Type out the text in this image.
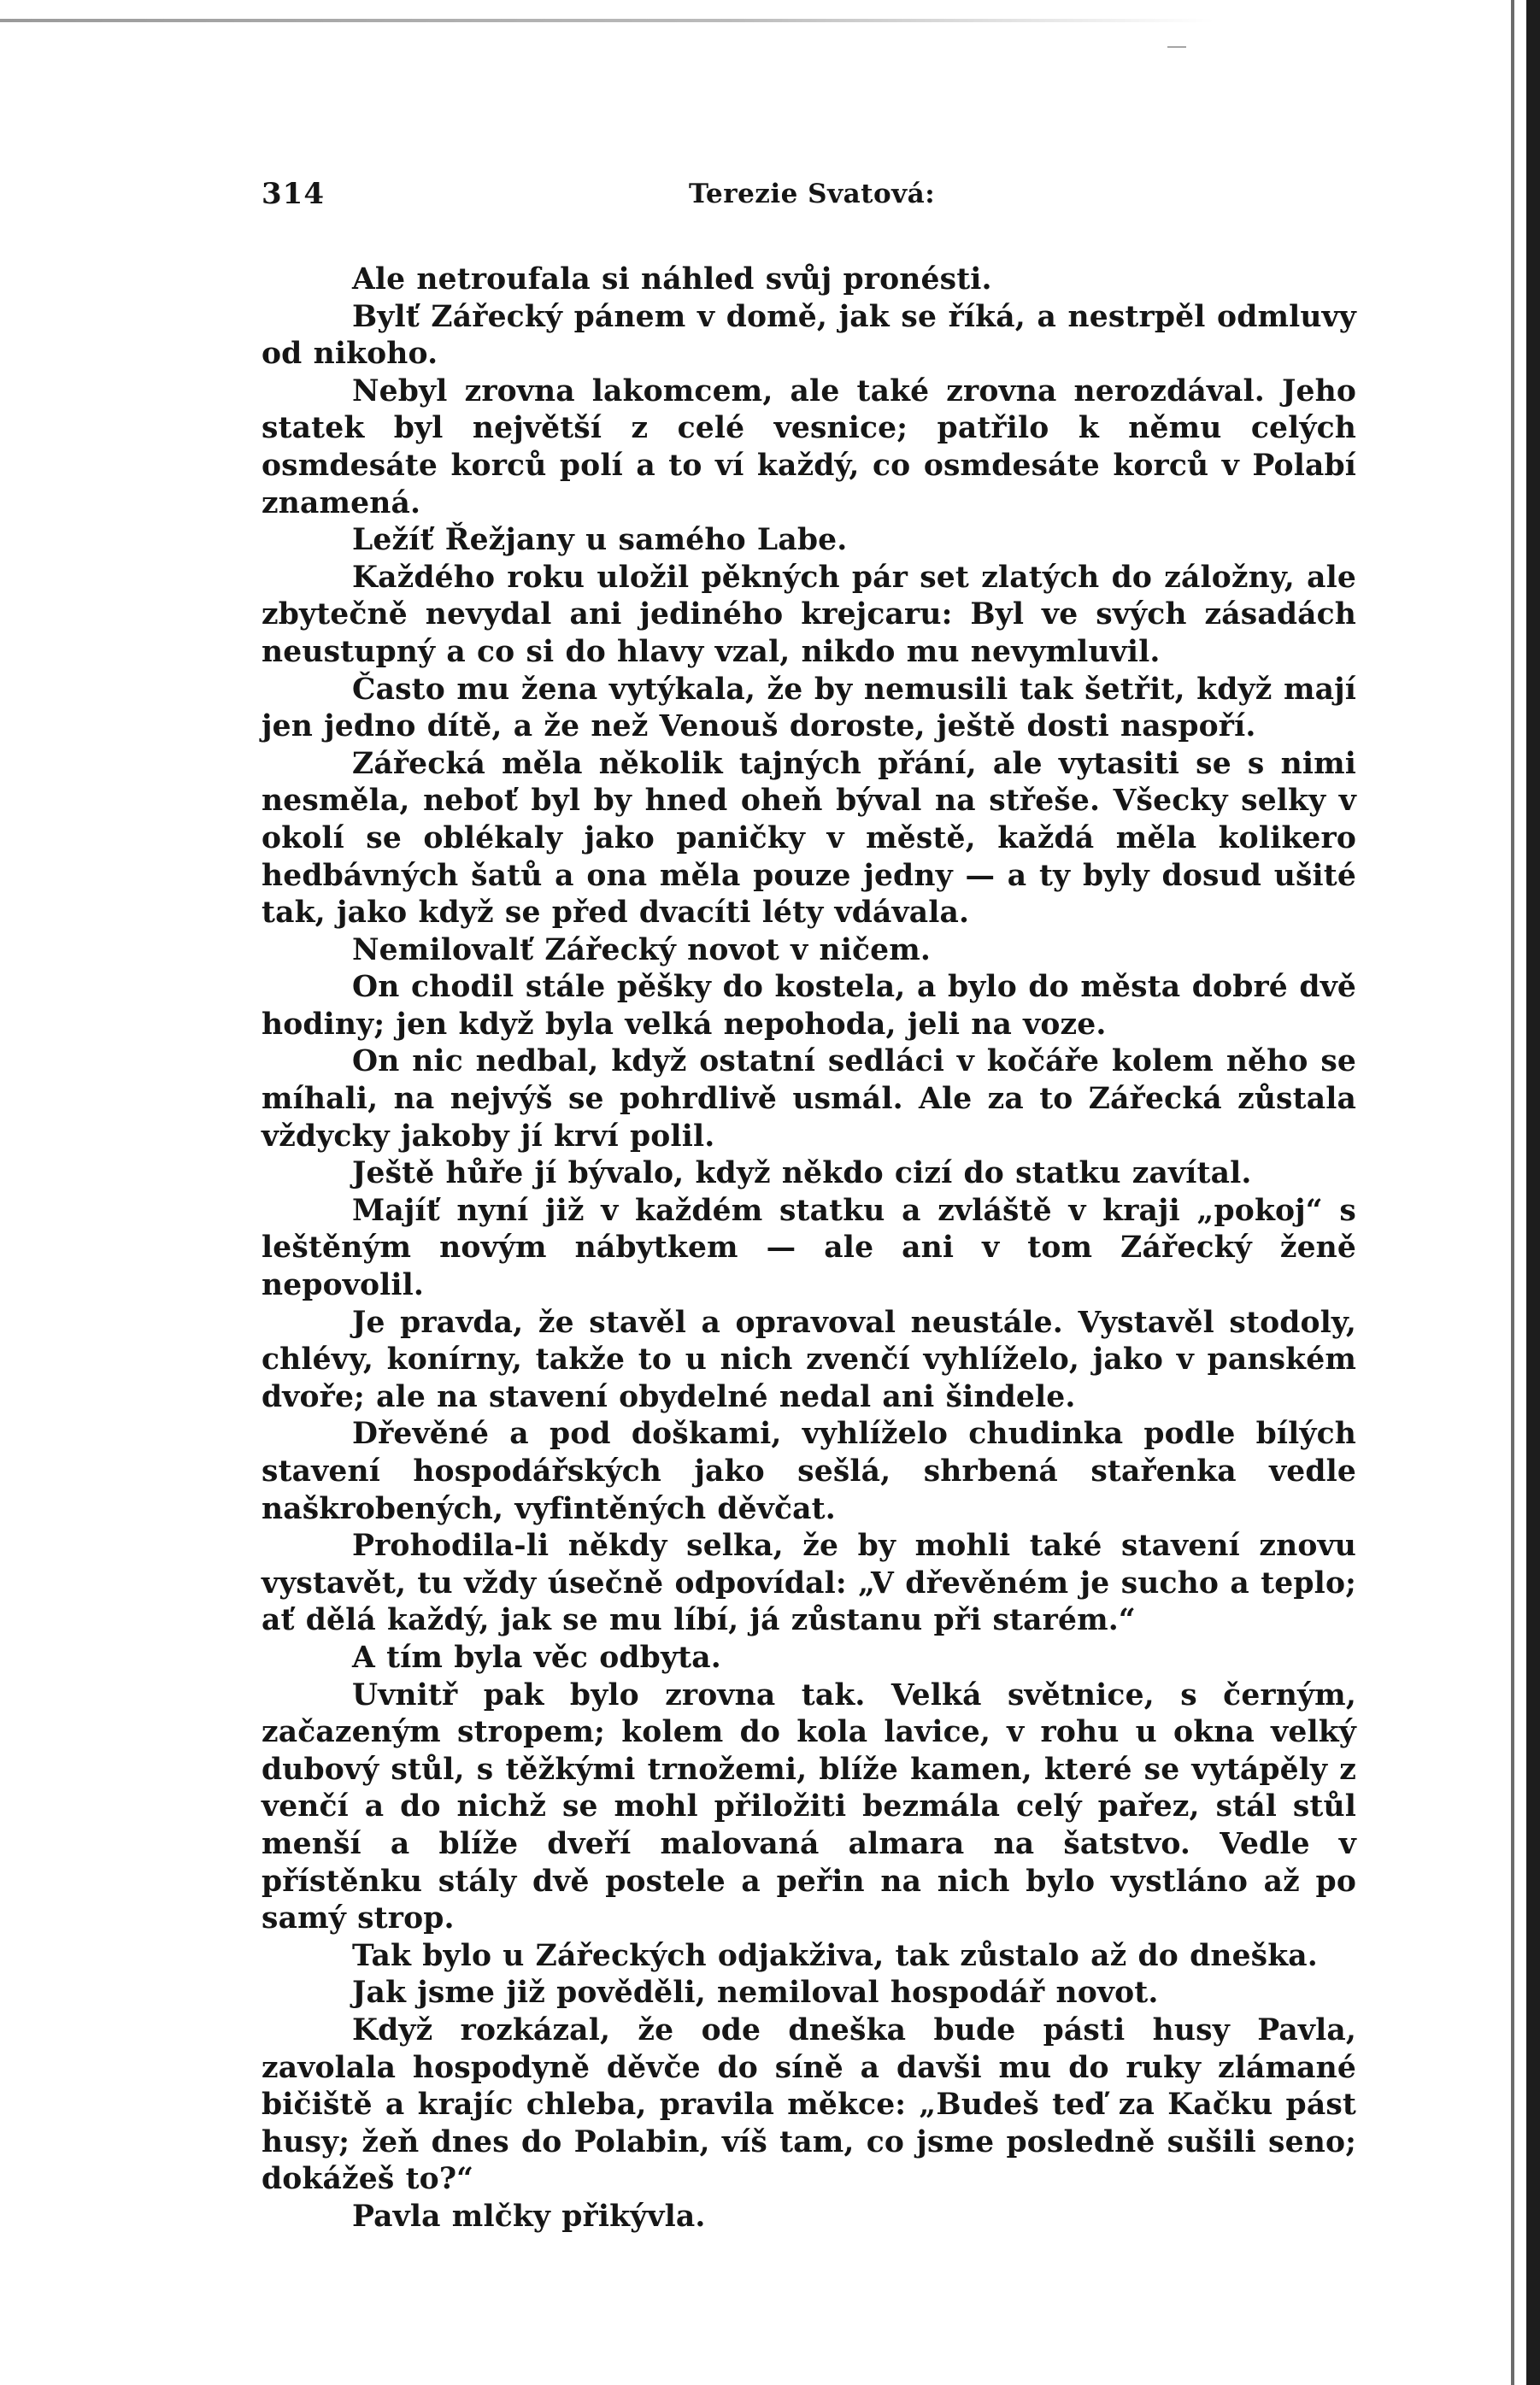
314	Terezie Svatová:

Ale netroufala si náhled svůj pronésti.

Bylť Zářecký pánem v domě, jak se říká, a nestrpěl odmluvy od nikoho.

Nebyl zrovna lakomcem, ale také zrovna nerozdával. Jeho statek byl největší z celé vesnice; patřilo k němu celých osmdesáte korců polí a to ví každý, co osmdesáte korců v Polabí znamená.

Ležíť Řežjany u samého Labe.

Každého roku uložil pěkných pár set zlatých do záložny, ale zbytečně nevydal ani jediného krejcaru: Byl ve svých zásadách neustupný a co si do hlavy vzal, nikdo mu nevymluvil.

Často mu žena vytýkala, že by nemusili tak šetřit, když mají jen jedno dítě, a že než Venouš doroste, ještě dosti naspoří.

Zářecká měla několik tajných přání, ale vytasiti se s nimi nesměla, neboť byl by hned oheň býval na střeše. Všecky selky v okolí se oblékaly jako paničky v městě, každá měla kolikero hedbávných šatů a ona měla pouze jedny — a ty byly dosud ušité tak, jako když se před dvacíti léty vdávala.

Nemilovalť Zářecký novot v ničem.

On chodil stále pěšky do kostela, a bylo do města dobré dvě hodiny; jen když byla velká nepohoda, jeli na voze.

On nic nedbal, když ostatní sedláci v kočáře kolem něho se míhali, na nejvýš se pohrdlivě usmál. Ale za to Zářecká zůstala vždycky jakoby jí krví polil.

Ještě hůře jí bývalo, když někdo cizí do statku zavítal.

Majíť nyní již v každém statku a zvláště v kraji „pokoj“ s leštěným novým nábytkem — ale ani v tom Zářecký ženě nepovolil.

Je pravda, že stavěl a opravoval neustále. Vystavěl stodoly, chlévy, konírny, takže to u nich zvenčí vyhlíželo, jako v panském dvoře; ale na stavení obydelné nedal ani šindele.

Dřevěné a pod doškami, vyhlíželo chudinka podle bílých stavení hospodářských jako sešlá, shrbená stařenka vedle naškrobených, vyfintěných děvčat.

Prohodila-li někdy selka, že by mohli také stavení znovu vystavět, tu vždy úsečně odpovídal: „V dřevěném je sucho a teplo; ať dělá každý, jak se mu líbí, já zůstanu při starém.“

A tím byla věc odbyta.

Uvnitř pak bylo zrovna tak. Velká světnice, s černým, začazeným stropem; kolem do kola lavice, v rohu u okna velký dubový stůl, s těžkými trnožemi, blíže kamen, které se vytápěly z venčí a do nichž se mohl přiložiti bezmála celý pařez, stál stůl menší a blíže dveří malovaná almara na šatstvo. Vedle v přístěnku stály dvě postele a peřin na nich bylo vystláno až po samý strop.

Tak bylo u Zářeckých odjakživa, tak zůstalo až do dneška.

Jak jsme již pověděli, nemiloval hospodář novot.

Když rozkázal, že ode dneška bude pásti husy Pavla, zavolala hospodyně děvče do síně a davši mu do ruky zlámané bičiště a krajíc chleba, pravila měkce: „Budeš teď za Kačku pást husy; žeň dnes do Polabin, víš tam, co jsme posledně sušili seno; dokážeš to?“

Pavla mlčky přikývla.
